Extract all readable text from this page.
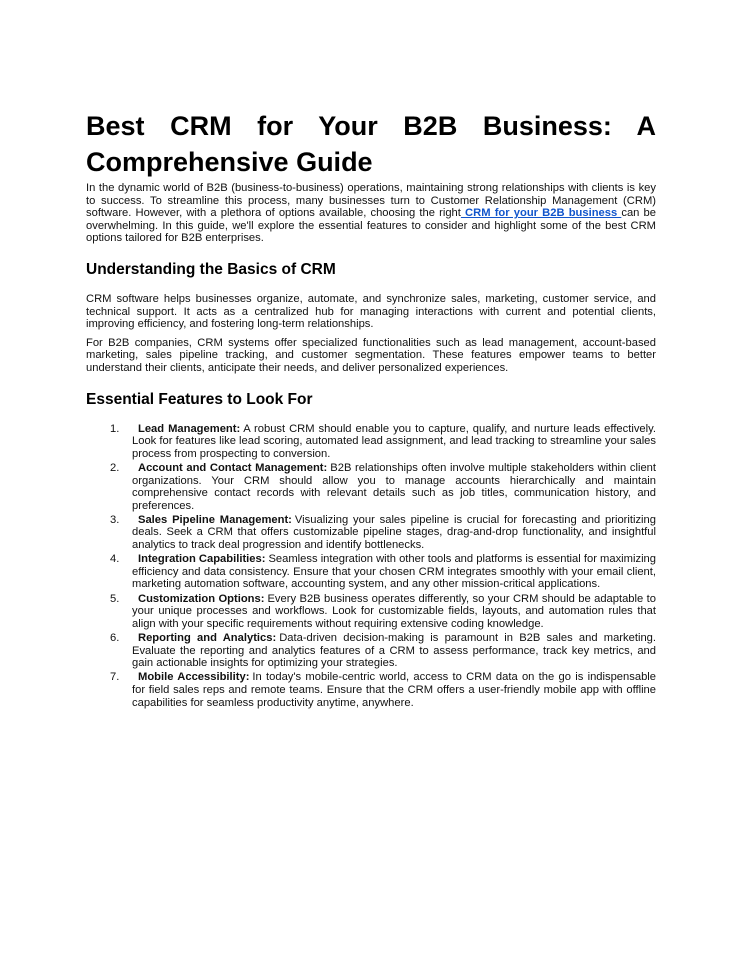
Best CRM for Your B2B Business: A Comprehensive Guide

In the dynamic world of B2B (business-to-business) operations, maintaining strong relationships with clients is key to success. To streamline this process, many businesses turn to Customer Relationship Management (CRM) software. However, with a plethora of options available, choosing the right CRM for your B2B business can be overwhelming. In this guide, we'll explore the essential features to consider and highlight some of the best CRM options tailored for B2B enterprises.

Understanding the Basics of CRM

CRM software helps businesses organize, automate, and synchronize sales, marketing, customer service, and technical support. It acts as a centralized hub for managing interactions with current and potential clients, improving efficiency, and fostering long-term relationships.

For B2B companies, CRM systems offer specialized functionalities such as lead management, account-based marketing, sales pipeline tracking, and customer segmentation. These features empower teams to better understand their clients, anticipate their needs, and deliver personalized experiences.

Essential Features to Look For
1. Lead Management: A robust CRM should enable you to capture, qualify, and nurture leads effectively. Look for features like lead scoring, automated lead assignment, and lead tracking to streamline your sales process from prospecting to conversion.
2. Account and Contact Management: B2B relationships often involve multiple stakeholders within client organizations. Your CRM should allow you to manage accounts hierarchically and maintain comprehensive contact records with relevant details such as job titles, communication history, and preferences.
3. Sales Pipeline Management: Visualizing your sales pipeline is crucial for forecasting and prioritizing deals. Seek a CRM that offers customizable pipeline stages, drag-and-drop functionality, and insightful analytics to track deal progression and identify bottlenecks.
4. Integration Capabilities: Seamless integration with other tools and platforms is essential for maximizing efficiency and data consistency. Ensure that your chosen CRM integrates smoothly with your email client, marketing automation software, accounting system, and any other mission-critical applications.
5. Customization Options: Every B2B business operates differently, so your CRM should be adaptable to your unique processes and workflows. Look for customizable fields, layouts, and automation rules that align with your specific requirements without requiring extensive coding knowledge.
6. Reporting and Analytics: Data-driven decision-making is paramount in B2B sales and marketing. Evaluate the reporting and analytics features of a CRM to assess performance, track key metrics, and gain actionable insights for optimizing your strategies.
7. Mobile Accessibility: In today's mobile-centric world, access to CRM data on the go is indispensable for field sales reps and remote teams. Ensure that the CRM offers a user-friendly mobile app with offline capabilities for seamless productivity anytime, anywhere.
